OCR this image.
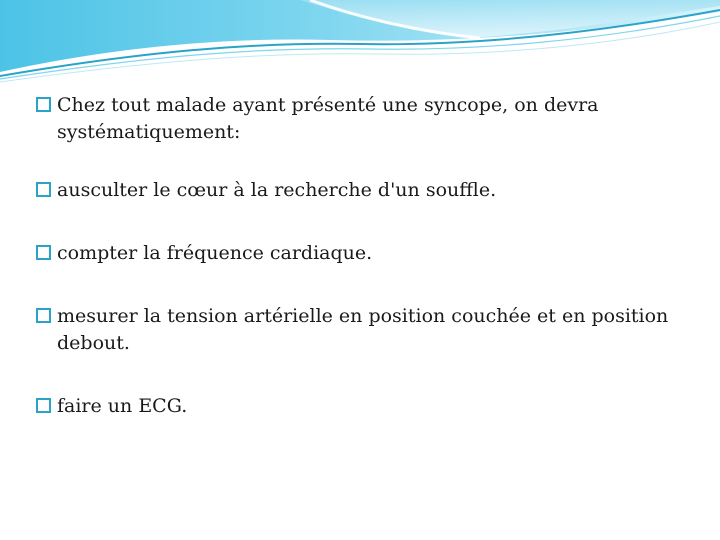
Chez tout malade ayant présenté une syncope, on devra systématiquement:
ausculter le cœur à la recherche d'un souffle.
compter la fréquence cardiaque.
mesurer la tension artérielle en position couchée et en position debout.
faire un ECG.
